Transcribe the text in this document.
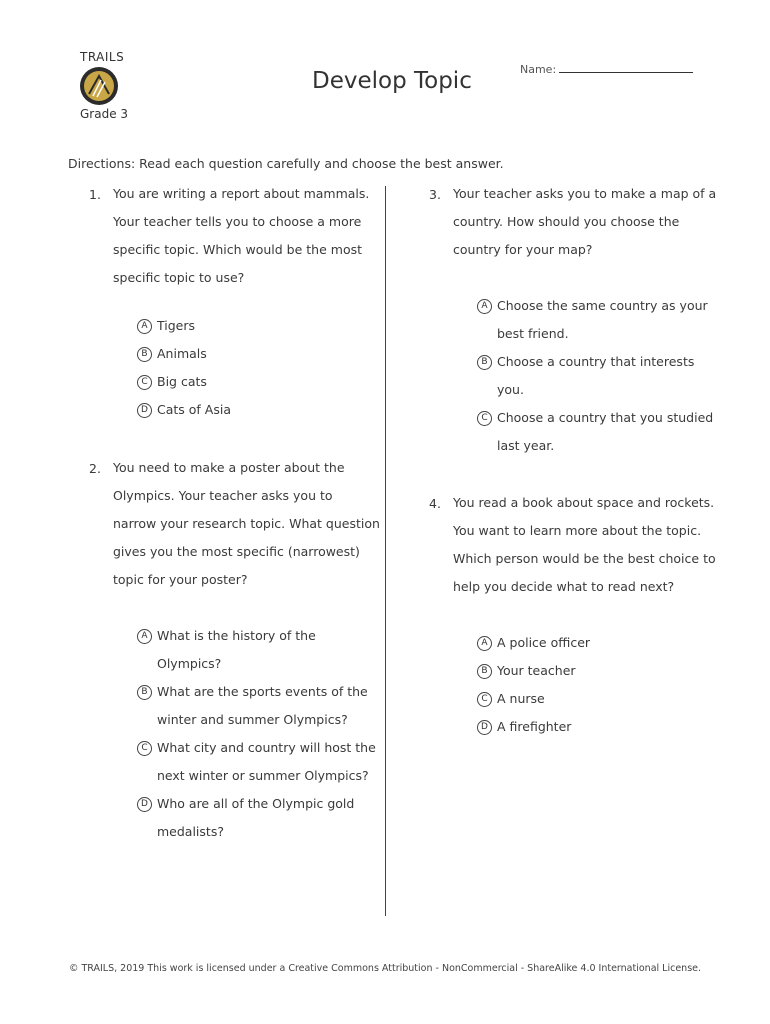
TRAILS
Grade 3
Develop Topic	Name:
Directions: Read each question carefully and choose the best answer.
1. You are writing a report about mammals.

Your teacher tells you to choose a more

specific topic. Which would be the most

specific topic to use?

A Tigers

B Animals

C Big cats

D Cats of Asia

2. You need to make a poster about the

Olympics. Your teacher asks you to

narrow your research topic. What question

gives you the most specific (narrowest)

topic for your poster?

A What is the history of the

Olympics?

B What are the sports events of the

winter and summer Olympics?

C What city and country will host the

next winter or summer Olympics?

D Who are all of the Olympic gold

medalists?

3. Your teacher asks you to make a map of a

country. How should you choose the

country for your map?

A Choose the same country as your

best friend.

B Choose a country that interests

you.

C Choose a country that you studied

last year.

4. You read a book about space and rockets.

You want to learn more about the topic.

Which person would be the best choice to

help you decide what to read next?

A A police officer

B Your teacher

C A nurse

D A firefighter

© TRAILS, 2019 This work is licensed under a Creative Commons Attribution - NonCommercial - ShareAlike 4.0 International License.
